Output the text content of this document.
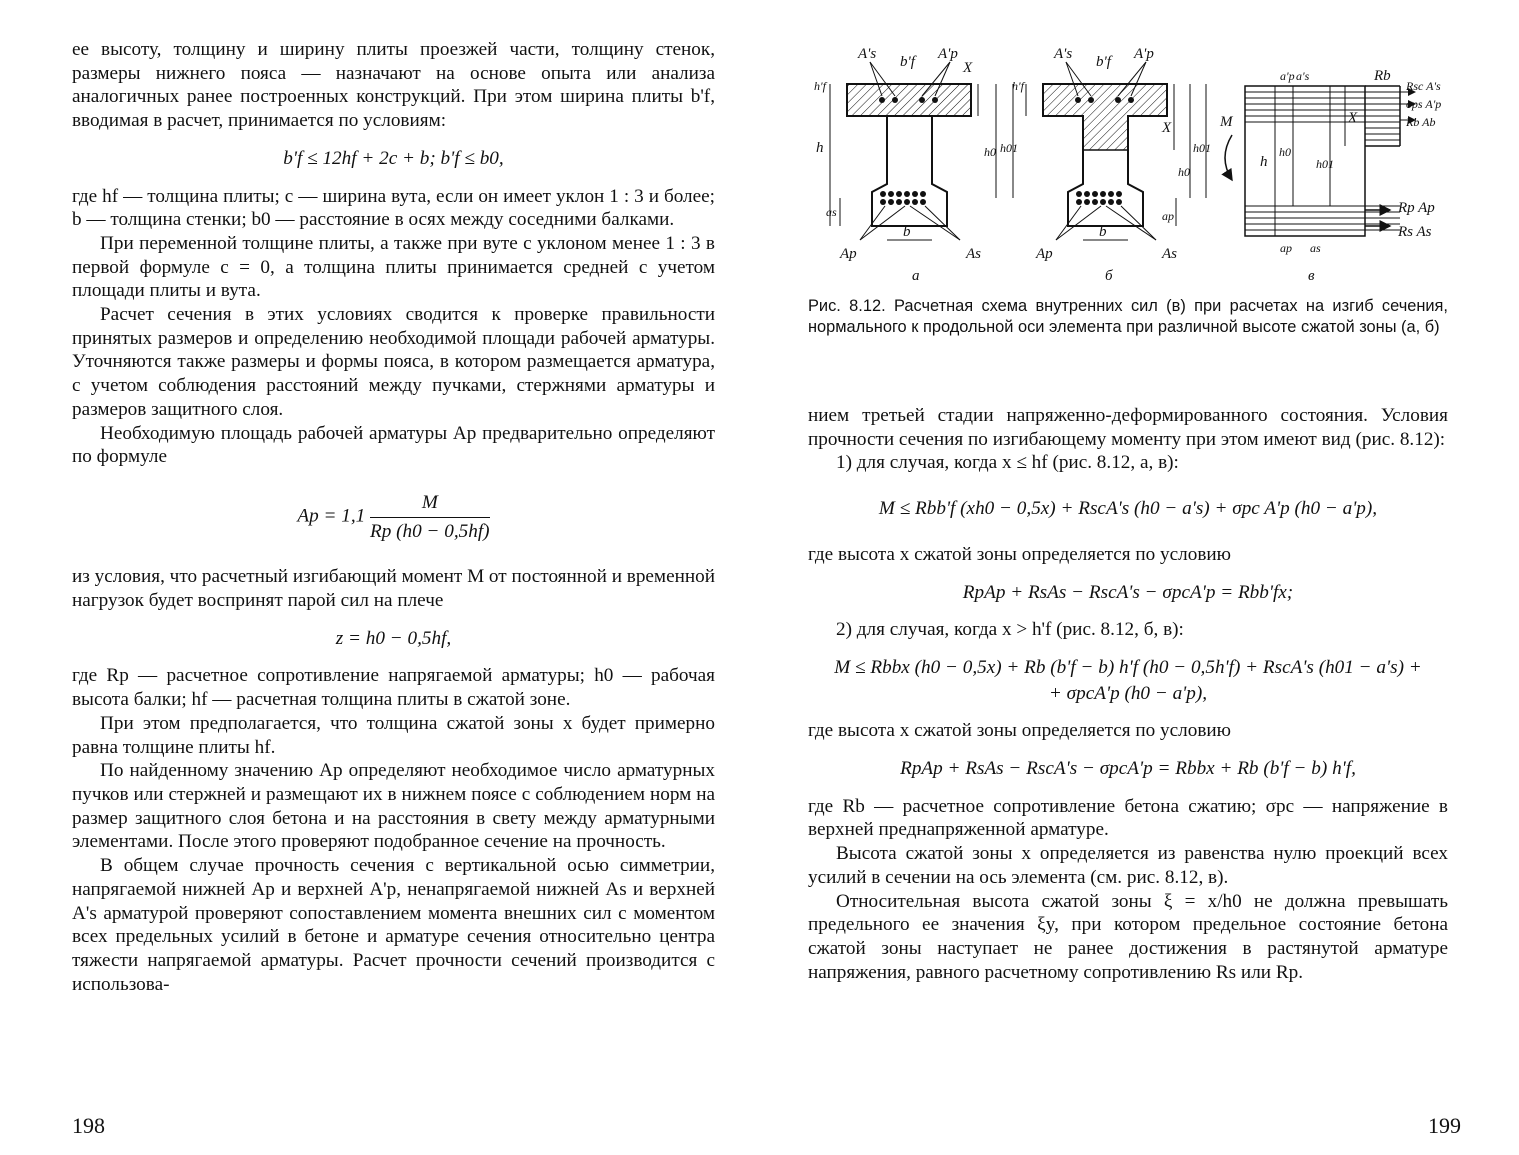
ее высоту, толщину и ширину плиты проезжей части, толщину стенок, размеры нижнего пояса — назначают на основе опыта или анализа аналогичных ранее построенных конструкций. При этом ширина плиты b'f, вводимая в расчет, принимается по условиям:

b'f ≤ 12hf + 2c + b; b'f ≤ b0,

где hf — толщина плиты; c — ширина вута, если он имеет уклон 1 : 3 и более; b — толщина стенки; b0 — расстояние в осях между соседними балками.

При переменной толщине плиты, а также при вуте с уклоном менее 1 : 3 в первой формуле c = 0, а толщина плиты принимается средней с учетом площади плиты и вута.

Расчет сечения в этих условиях сводится к проверке правильности принятых размеров и определению необходимой площади рабочей арматуры. Уточняются также размеры и формы пояса, в котором размещается арматура, с учетом соблюдения расстояний между пучками, стержнями арматуры и размеров защитного слоя.

Необходимую площадь рабочей арматуры Ap предварительно определяют по формуле

$Ap = 1,1 \frac{M}{Rp (h0 - 0,5hf)}$

из условия, что расчетный изгибающий момент M от постоянной и временной нагрузок будет воспринят парой сил на плече

z = h0 − 0,5hf,

где Rp — расчетное сопротивление напрягаемой арматуры; h0 — рабочая высота балки; hf — расчетная толщина плиты в сжатой зоне.

При этом предполагается, что толщина сжатой зоны x будет примерно равна толщине плиты hf.

По найденному значению Ap определяют необходимое число арматурных пучков или стержней и размещают их в нижнем поясе с соблюдением норм на размер защитного слоя бетона и на расстояния в свету между арматурными элементами. После этого проверяют подобранное сечение на прочность.

В общем случае прочность сечения с вертикальной осью симметрии, напрягаемой нижней Ap и верхней A'p, ненапрягаемой нижней As и верхней A's арматурой проверяют сопоставлением момента внешних сил с моментом всех предельных усилий в бетоне и арматуре сечения относительно центра тяжести напрягаемой арматуры. Расчет прочности сечений производится с использова-

198
A's b'f A'p
X
h'f
h	h0 h01
as
b
Ap	As
а
A's b'f A'p
h'f
X
h0
h01
ap
b
Ap	As
б
a'p a's	Rb
Rsc A's
σps A'p
Rb Ab
M
h
h0
h01
X
Rp Ap
Rs As
ap as
в
Рис. 8.12. Расчетная схема внутренних сил (в) при расчетах на изгиб сечения, нормального к продольной оси элемента при различной высоте сжатой зоны (а, б)

нием третьей стадии напряженно-деформированного состояния. Условия прочности сечения по изгибающему моменту при этом имеют вид (рис. 8.12):

1) для случая, когда x ≤ hf (рис. 8.12, а, в):

M ≤ Rbb'f (xh0 − 0,5x) + RscA's (h0 − a's) + σpc A'p (h0 − a'p),

где высота x сжатой зоны определяется по условию

RpAp + RsAs − RscA's − σpcA'p = Rbb'fx;

2) для случая, когда x > h'f (рис. 8.12, б, в):

M ≤ Rbbx (h0 − 0,5x) + Rb (b'f − b) h'f (h0 − 0,5h'f) + RscA's (h01 − a's) +
+ σpcA'p (h0 − a'p),

где высота x сжатой зоны определяется по условию

RpAp + RsAs − RscA's − σpcA'p = Rbbx + Rb (b'f − b) h'f,

где Rb — расчетное сопротивление бетона сжатию; σpc — напряжение в верхней преднапряженной арматуре.

Высота сжатой зоны x определяется из равенства нулю проекций всех усилий в сечении на ось элемента (см. рис. 8.12, в).

Относительная высота сжатой зоны ξ = x/h0 не должна превышать предельного ее значения ξy, при котором предельное состояние бетона сжатой зоны наступает не ранее достижения в растянутой арматуре напряжения, равного расчетному сопротивлению Rs или Rp.

199
